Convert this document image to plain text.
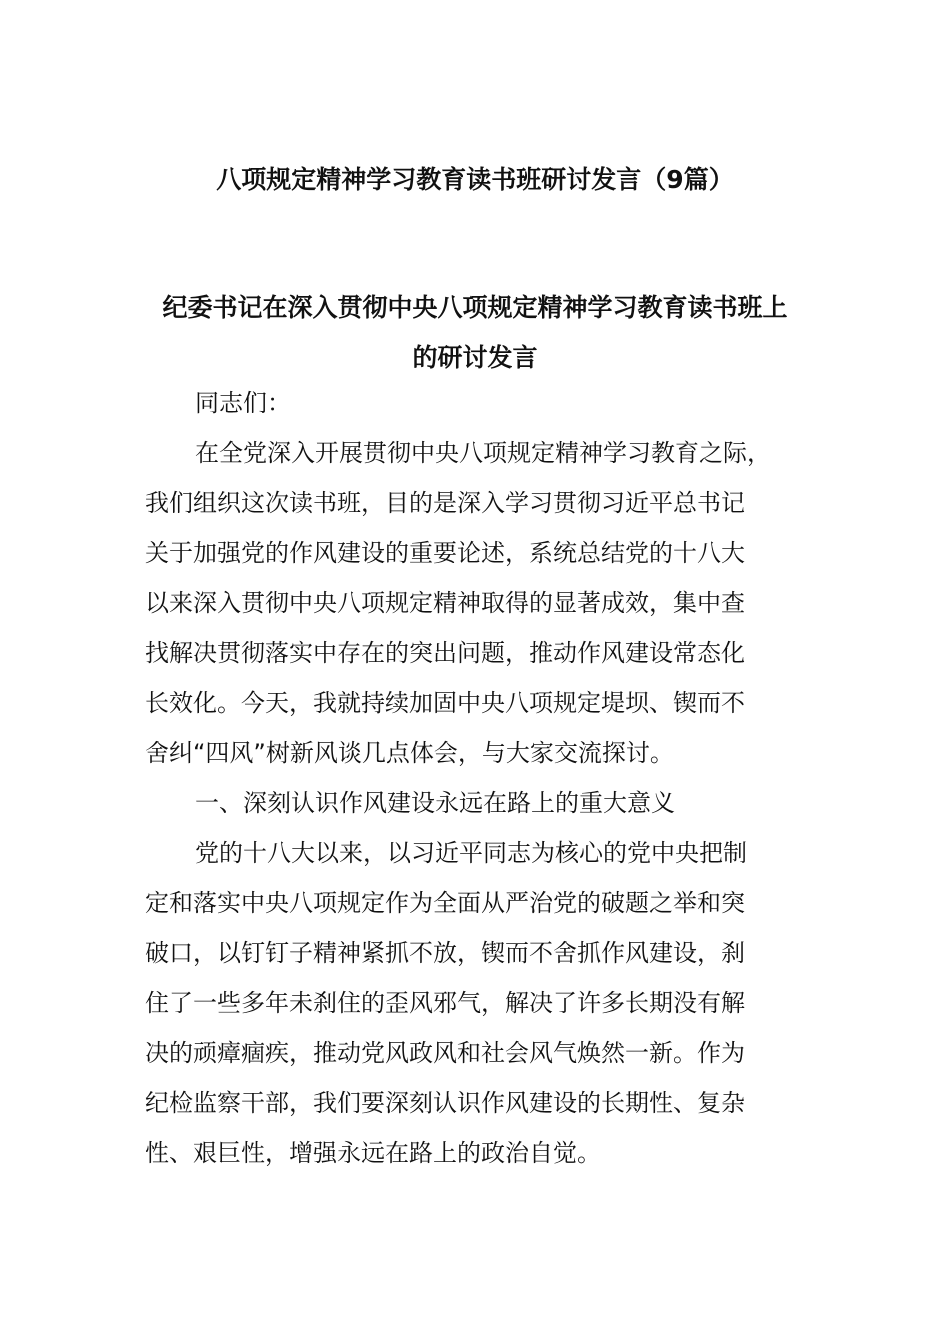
八项规定精神学习教育读书班研讨发言（9篇）
纪委书记在深入贯彻中央八项规定精神学习教育读书班上
的研讨发言
同志们：
在全党深入开展贯彻中央八项规定精神学习教育之际，
我们组织这次读书班，目的是深入学习贯彻习近平总书记
关于加强党的作风建设的重要论述，系统总结党的十八大
以来深入贯彻中央八项规定精神取得的显著成效，集中查
找解决贯彻落实中存在的突出问题，推动作风建设常态化
长效化。今天，我就持续加固中央八项规定堤坝、锲而不
舍纠“四风”树新风谈几点体会，与大家交流探讨。
一、深刻认识作风建设永远在路上的重大意义
党的十八大以来，以习近平同志为核心的党中央把制
定和落实中央八项规定作为全面从严治党的破题之举和突
破口，以钉钉子精神紧抓不放，锲而不舍抓作风建设，刹
住了一些多年未刹住的歪风邪气，解决了许多长期没有解
决的顽瘴痼疾，推动党风政风和社会风气焕然一新。作为
纪检监察干部，我们要深刻认识作风建设的长期性、复杂
性、艰巨性，增强永远在路上的政治自觉。
